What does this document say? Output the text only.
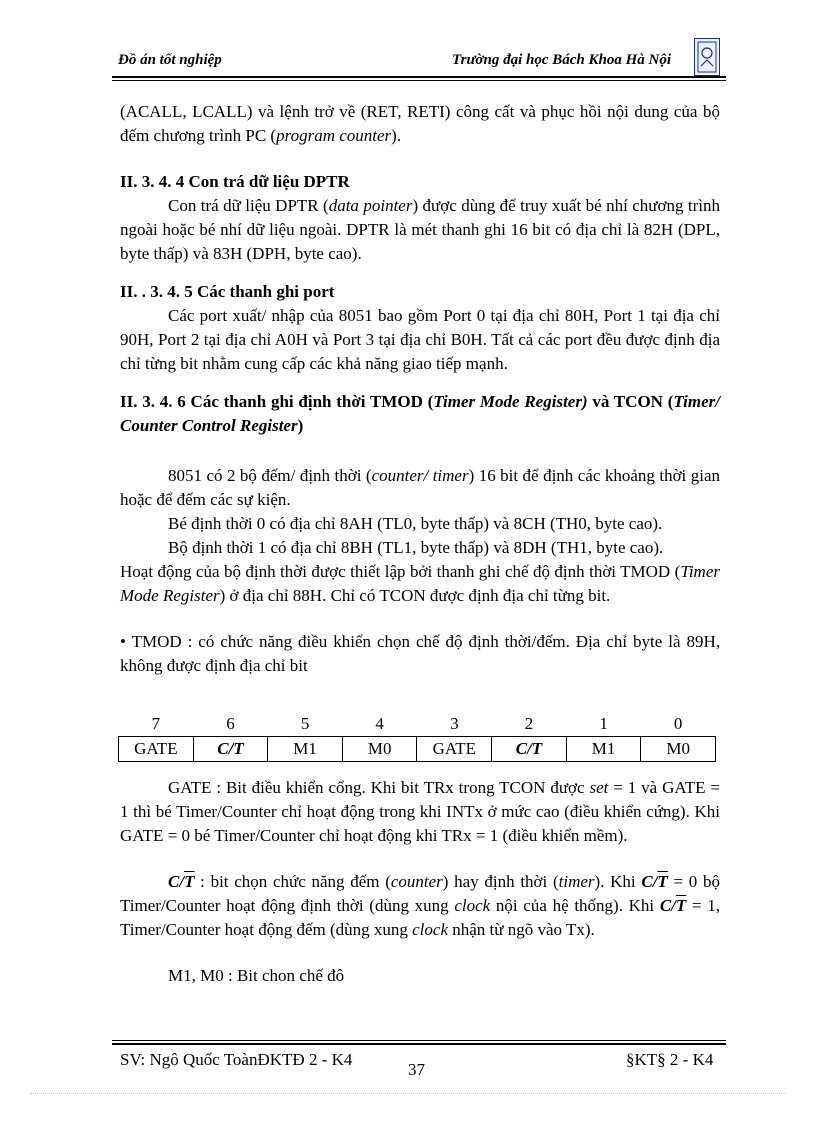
Đồ án tốt nghiệp	Trường đại học Bách Khoa Hà Nội

(ACALL, LCALL) và lệnh trở về (RET, RETI) công cất và phục hồi nội dung của bộ đếm chương trình PC (program counter).

II. 3. 4. 4 Con trá dữ liệu DPTR

Con trá dữ liệu DPTR (data pointer) được dùng để truy xuất bé nhí chương trình ngoài hoặc bé nhí dữ liệu ngoài. DPTR là mét thanh ghi 16 bit có địa chỉ là 82H (DPL, byte thấp) và 83H (DPH, byte cao).

II. . 3. 4. 5 Các thanh ghi port

Các port xuất/ nhập của 8051 bao gồm Port 0 tại địa chỉ 80H, Port 1 tại địa chỉ 90H, Port 2 tại địa chỉ A0H và Port 3 tại địa chỉ B0H. Tất cả các port đều được định địa chỉ từng bit nhằm cung cấp các khả năng giao tiếp mạnh.

II. 3. 4. 6 Các thanh ghi định thời TMOD (Timer Mode Register) và TCON (Timer/ Counter Control Register)

8051 có 2 bộ đếm/ định thời (counter/ timer) 16 bit để định các khoảng thời gian hoặc để đếm các sự kiện.

Bé định thời 0 có địa chỉ 8AH (TL0, byte thấp) và 8CH (TH0, byte cao).

Bộ định thời 1 có địa chỉ 8BH (TL1, byte thấp) và 8DH (TH1, byte cao).

Hoạt động của bộ định thời được thiết lập bởi thanh ghi chế độ định thời TMOD (Timer Mode Register) ở địa chỉ 88H. Chỉ có TCON được định địa chỉ từng bit.

• TMOD : có chức năng điều khiển chọn chế độ định thời/đếm. Địa chỉ byte là 89H, không được định địa chỉ bit

7	6	5	4	3	2	1	0
GATE	C/T	M1	M0	GATE	C/T	M1	M0

GATE : Bit điều khiển cổng. Khi bit TRx trong TCON được set = 1 và GATE = 1 thì bé Timer/Counter chỉ hoạt động trong khi INTx ở mức cao (điều khiển cứng). Khi GATE = 0 bé Timer/Counter chỉ hoạt động khi TRx = 1 (điều khiển mềm).

$C/\overline{T}$ : bit chọn chức năng đếm (counter) hay định thời (timer). Khi $C/\overline{T} = 0$ bộ Timer/Counter hoạt động định thời (dùng xung clock nội của hệ thống). Khi $C/\overline{T} = 1$, Timer/Counter hoạt động đếm (dùng xung clock nhận từ ngõ vào Tx).

M1, M0 : Bit chon chế đô

SV: Ngô Quốc ToànĐKTĐ 2 - K4
37
§KT§ 2 - K4
